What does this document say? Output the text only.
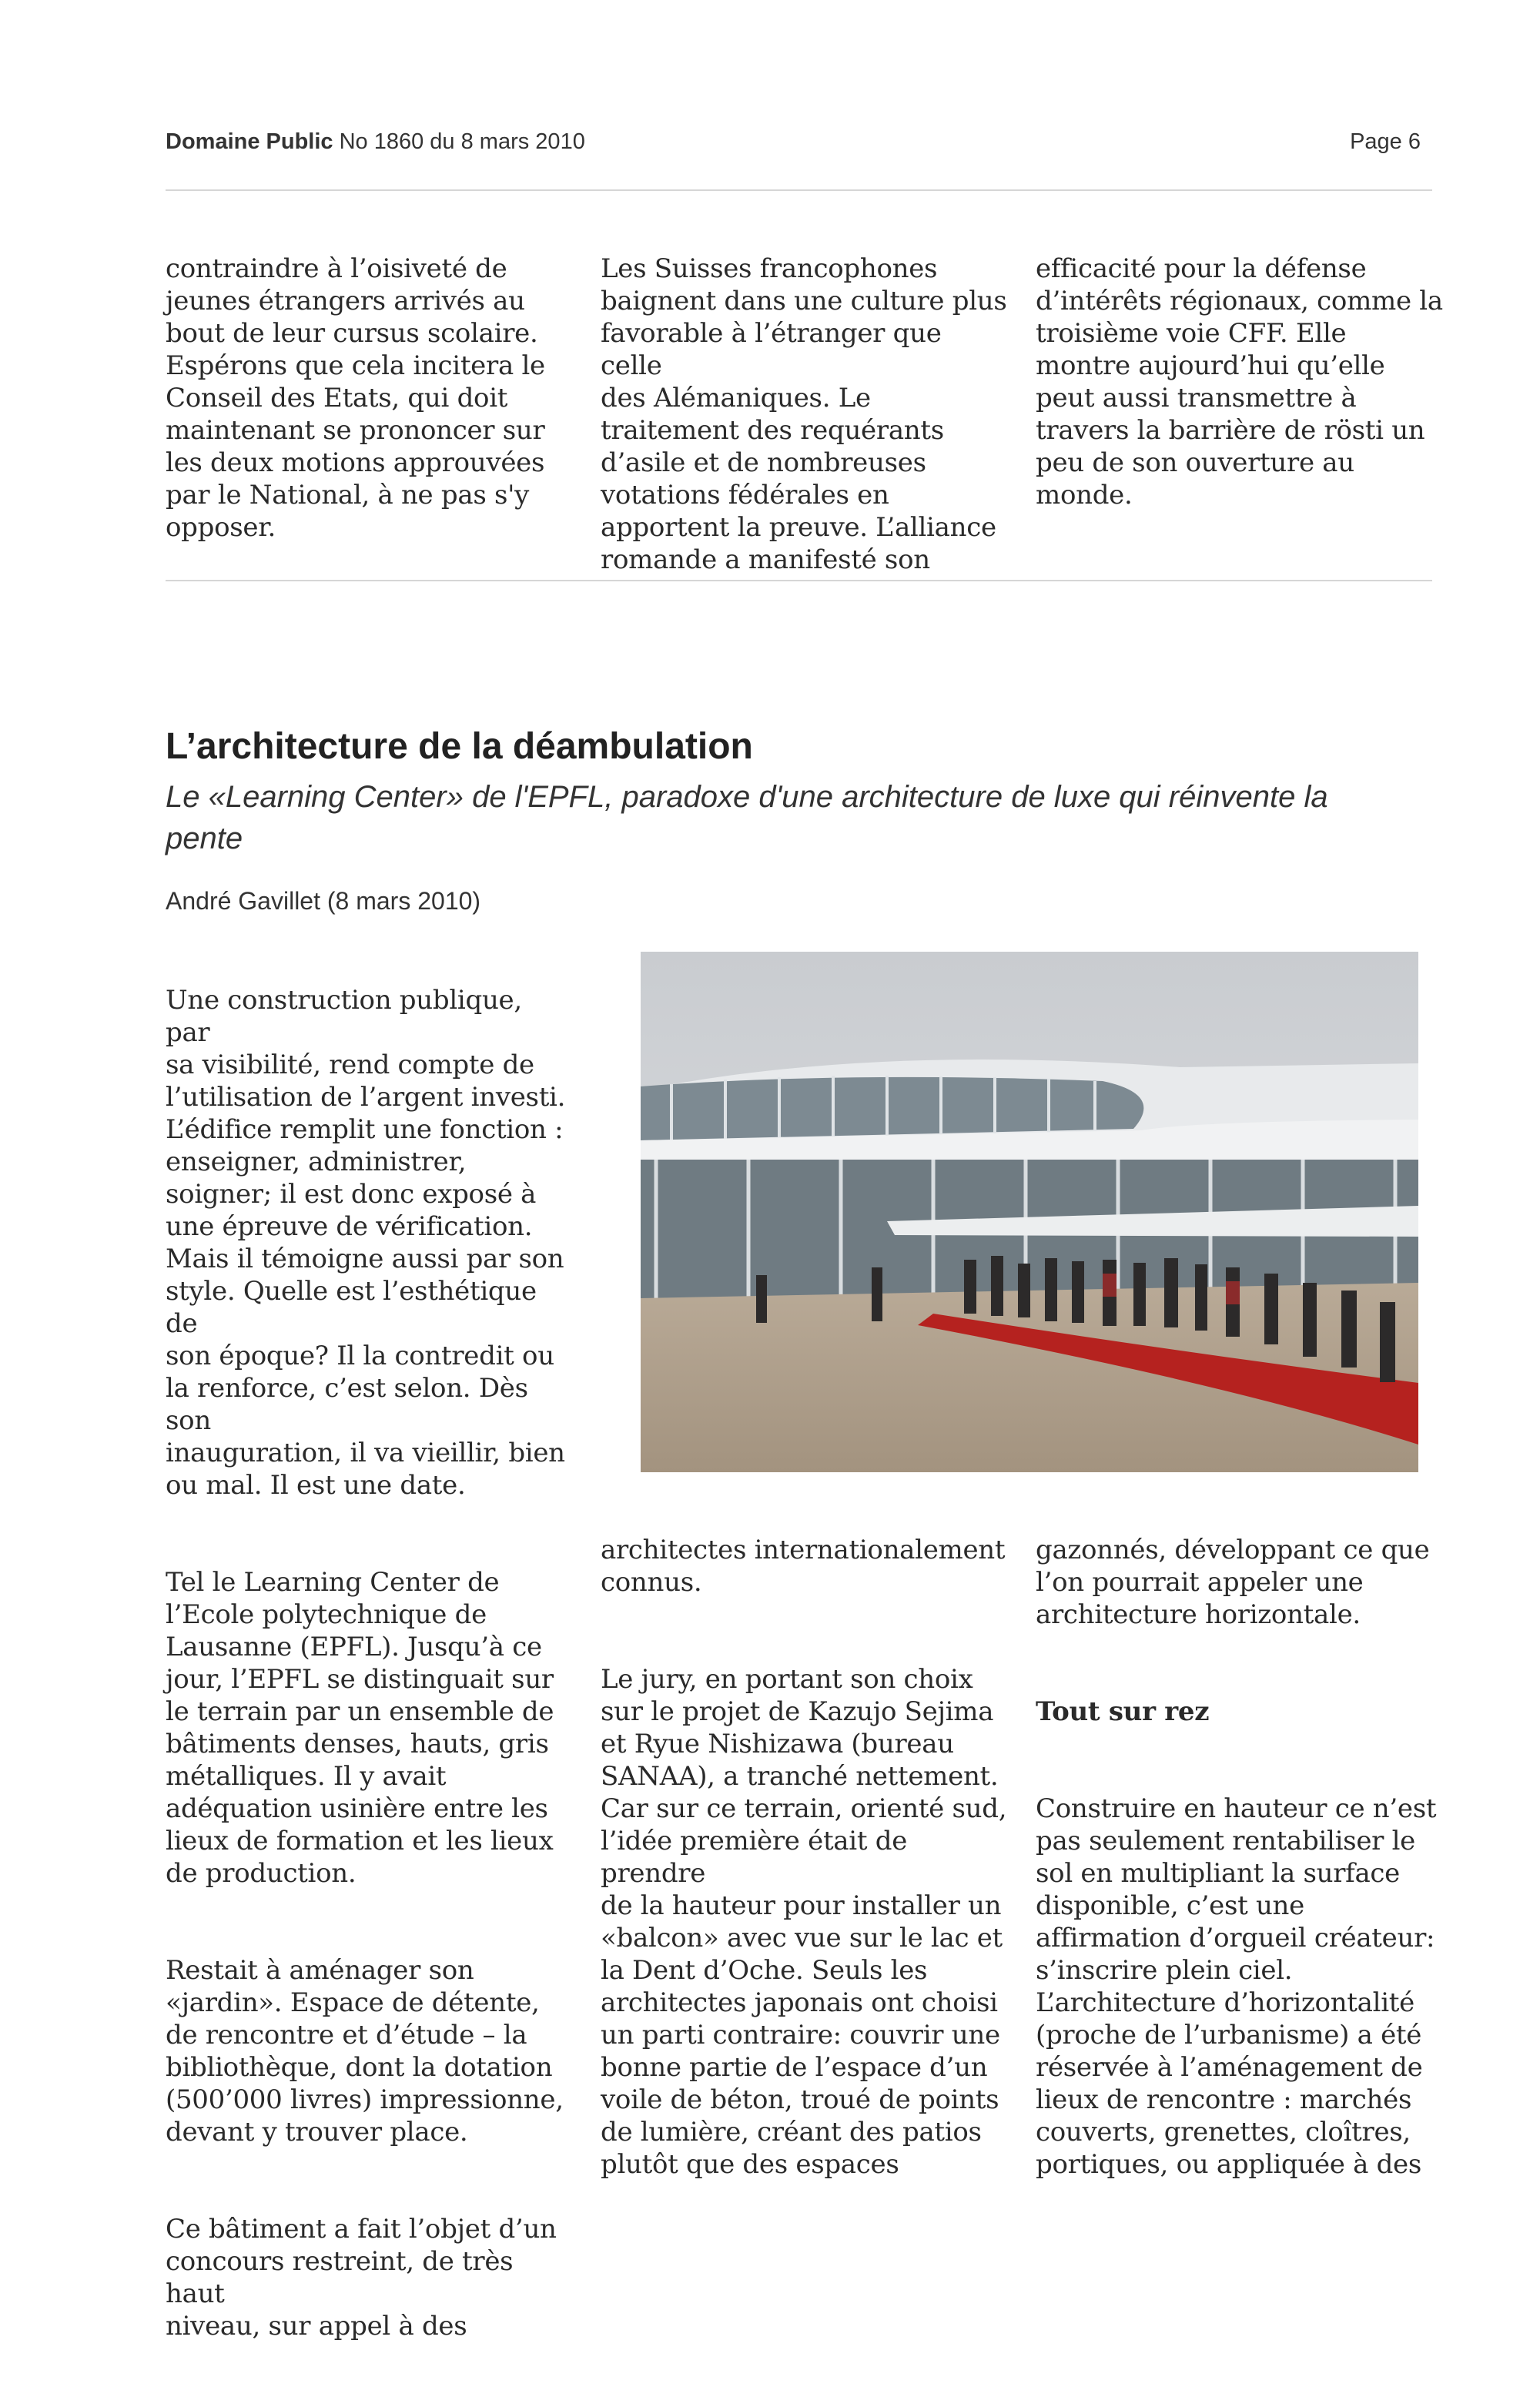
Domaine Public No 1860 du 8 mars 2010	Page 6
contraindre à l’oisiveté de
jeunes étrangers arrivés au
bout de leur cursus scolaire.
Espérons que cela incitera le
Conseil des Etats, qui doit
maintenant se prononcer sur
les deux motions approuvées
par le National, à ne pas s'y
opposer.
Les Suisses francophones
baignent dans une culture plus
favorable à l’étranger que celle
des Alémaniques. Le
traitement des requérants
d’asile et de nombreuses
votations fédérales en
apportent la preuve. L’alliance
romande a manifesté son
efficacité pour la défense
d’intérêts régionaux, comme la
troisième voie CFF. Elle
montre aujourd’hui qu’elle
peut aussi transmettre à
travers la barrière de rösti un
peu de son ouverture au
monde.
L’architecture de la déambulation
Le «Learning Center» de l'EPFL, paradoxe d'une architecture de luxe qui réinvente la pente
André Gavillet (8 mars 2010)

Une construction publique, par
sa visibilité, rend compte de
l’utilisation de l’argent investi.
L’édifice remplit une fonction :
enseigner, administrer,
soigner; il est donc exposé à
une épreuve de vérification.
Mais il témoigne aussi par son
style. Quelle est l’esthétique de
son époque? Il la contredit ou
la renforce, c’est selon. Dès son
inauguration, il va vieillir, bien
ou mal. Il est une date.

Tel le Learning Center de
l’Ecole polytechnique de
Lausanne (EPFL). Jusqu’à ce
jour, l’EPFL se distinguait sur
le terrain par un ensemble de
bâtiments denses, hauts, gris
métalliques. Il y avait
adéquation usinière entre les
lieux de formation et les lieux
de production.

Restait à aménager son
«jardin». Espace de détente,
de rencontre et d’étude – la
bibliothèque, dont la dotation
(500’000 livres) impressionne,
devant y trouver place.

Ce bâtiment a fait l’objet d’un
concours restreint, de très haut
niveau, sur appel à des

architectes internationalement
connus.

Le jury, en portant son choix
sur le projet de Kazujo Sejima
et Ryue Nishizawa (bureau
SANAA), a tranché nettement.
Car sur ce terrain, orienté sud,
l’idée première était de prendre
de la hauteur pour installer un
«balcon» avec vue sur le lac et
la Dent d’Oche. Seuls les
architectes japonais ont choisi
un parti contraire: couvrir une
bonne partie de l’espace d’un
voile de béton, troué de points
de lumière, créant des patios
plutôt que des espaces

gazonnés, développant ce que
l’on pourrait appeler une
architecture horizontale.

Tout sur rez

Construire en hauteur ce n’est
pas seulement rentabiliser le
sol en multipliant la surface
disponible, c’est une
affirmation d’orgueil créateur:
s’inscrire plein ciel.
L’architecture d’horizontalité
(proche de l’urbanisme) a été
réservée à l’aménagement de
lieux de rencontre : marchés
couverts, grenettes, cloîtres,
portiques, ou appliquée à des
